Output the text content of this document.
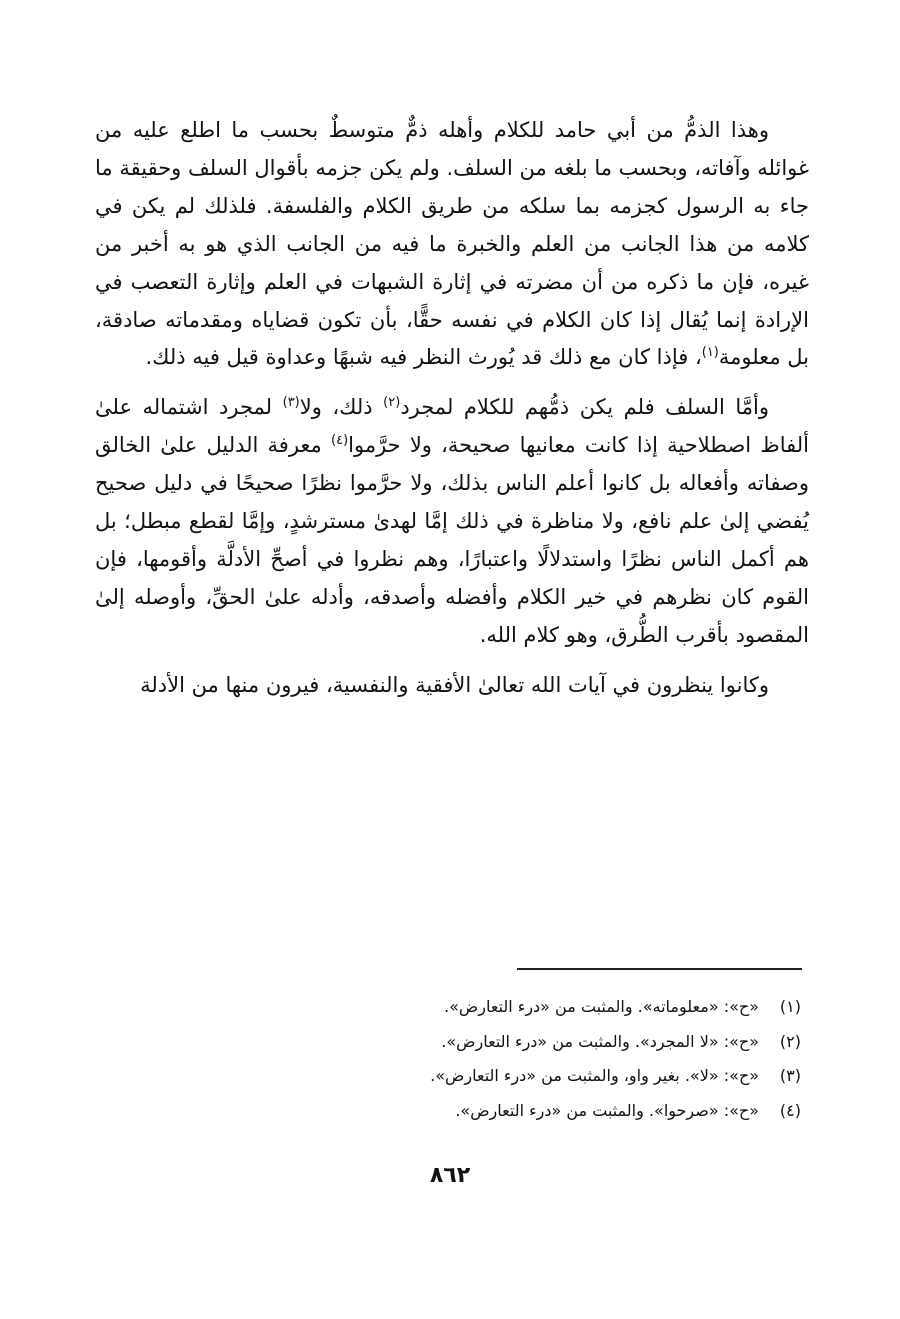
وهذا الذمُّ من أبي حامد للكلام وأهله ذمٌّ متوسطٌ بحسب ما اطلع عليه من غوائله وآفاته، وبحسب ما بلغه من السلف. ولم يكن جزمه بأقوال السلف وحقيقة ما جاء به الرسول كجزمه بما سلكه من طريق الكلام والفلسفة. فلذلك لم يكن في كلامه من هذا الجانب من العلم والخبرة ما فيه من الجانب الذي هو به أخبر من غيره، فإن ما ذكره من أن مضرته في إثارة الشبهات في العلم وإثارة التعصب في الإرادة إنما يُقال إذا كان الكلام في نفسه حقًّا، بأن تكون قضاياه ومقدماته صادقة، بل معلومة$^{(١)}$، فإذا كان مع ذلك قد يُورث النظر فيه شبهًا وعداوة قيل فيه ذلك.

وأمَّا السلف فلم يكن ذمُّهم للكلام لمجرد$^{(٢)}$ ذلك، ولا$^{(٣)}$ لمجرد اشتماله علىٰ ألفاظ اصطلاحية إذا كانت معانيها صحيحة، ولا حرَّموا$^{(٤)}$ معرفة الدليل علىٰ الخالق وصفاته وأفعاله بل كانوا أعلم الناس بذلك، ولا حرَّموا نظرًا صحيحًا في دليل صحيح يُفضي إلىٰ علم نافع، ولا مناظرة في ذلك إمَّا لهدىٰ مسترشدٍ، وإمَّا لقطع مبطل؛ بل هم أكمل الناس نظرًا واستدلالًا واعتبارًا، وهم نظروا في أصحِّ الأدلَّة وأقومها، فإن القوم كان نظرهم في خير الكلام وأفضله وأصدقه، وأدله علىٰ الحقِّ، وأوصله إلىٰ المقصود بأقرب الطُّرق، وهو كلام الله.

وكانوا ينظرون في آيات الله تعالىٰ الأفقية والنفسية، فيرون منها من الأدلة

(١)«ح»: «معلوماته». والمثبت من «درء التعارض».
(٢)«ح»: «لا المجرد». والمثبت من «درء التعارض».
(٣)«ح»: «لا». بغير واو، والمثبت من «درء التعارض».
(٤)«ح»: «صرحوا». والمثبت من «درء التعارض».
٨٦٢
